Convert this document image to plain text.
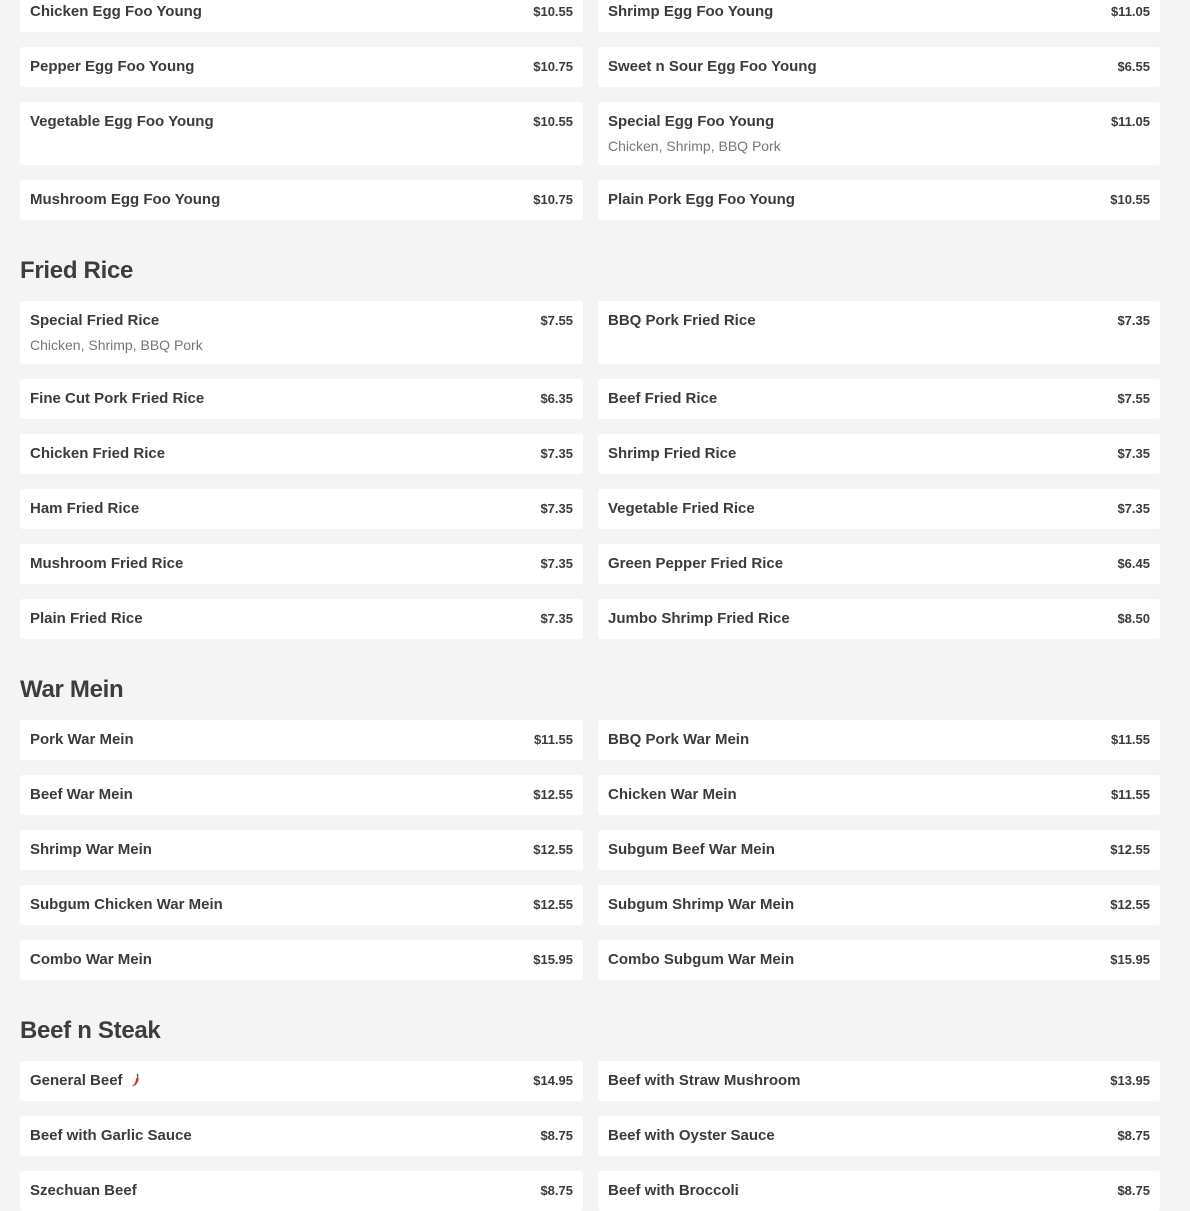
Chicken Egg Foo Young	$10.55	Shrimp Egg Foo Young	$11.05
Pepper Egg Foo Young	$10.75	Sweet n Sour Egg Foo Young	$6.55
Vegetable Egg Foo Young	$10.55	Special Egg Foo Young	$11.05
Chicken, Shrimp, BBQ Pork
Mushroom Egg Foo Young	$10.75	Plain Pork Egg Foo Young	$10.55
Fried Rice
Special Fried Rice	$7.55
Chicken, Shrimp, BBQ Pork
BBQ Pork Fried Rice	$7.35
Fine Cut Pork Fried Rice	$6.35	Beef Fried Rice	$7.55
Chicken Fried Rice	$7.35	Shrimp Fried Rice	$7.35
Ham Fried Rice	$7.35	Vegetable Fried Rice	$7.35
Mushroom Fried Rice	$7.35	Green Pepper Fried Rice	$6.45
Plain Fried Rice	$7.35	Jumbo Shrimp Fried Rice	$8.50
War Mein
Pork War Mein	$11.55	BBQ Pork War Mein	$11.55
Beef War Mein	$12.55	Chicken War Mein	$11.55
Shrimp War Mein	$12.55	Subgum Beef War Mein	$12.55
Subgum Chicken War Mein	$12.55	Subgum Shrimp War Mein	$12.55
Combo War Mein	$15.95	Combo Subgum War Mein	$15.95
Beef n Steak
General Beef	$14.95	Beef with Straw Mushroom	$13.95
Beef with Garlic Sauce	$8.75	Beef with Oyster Sauce	$8.75
Szechuan Beef	$8.75	Beef with Broccoli	$8.75
